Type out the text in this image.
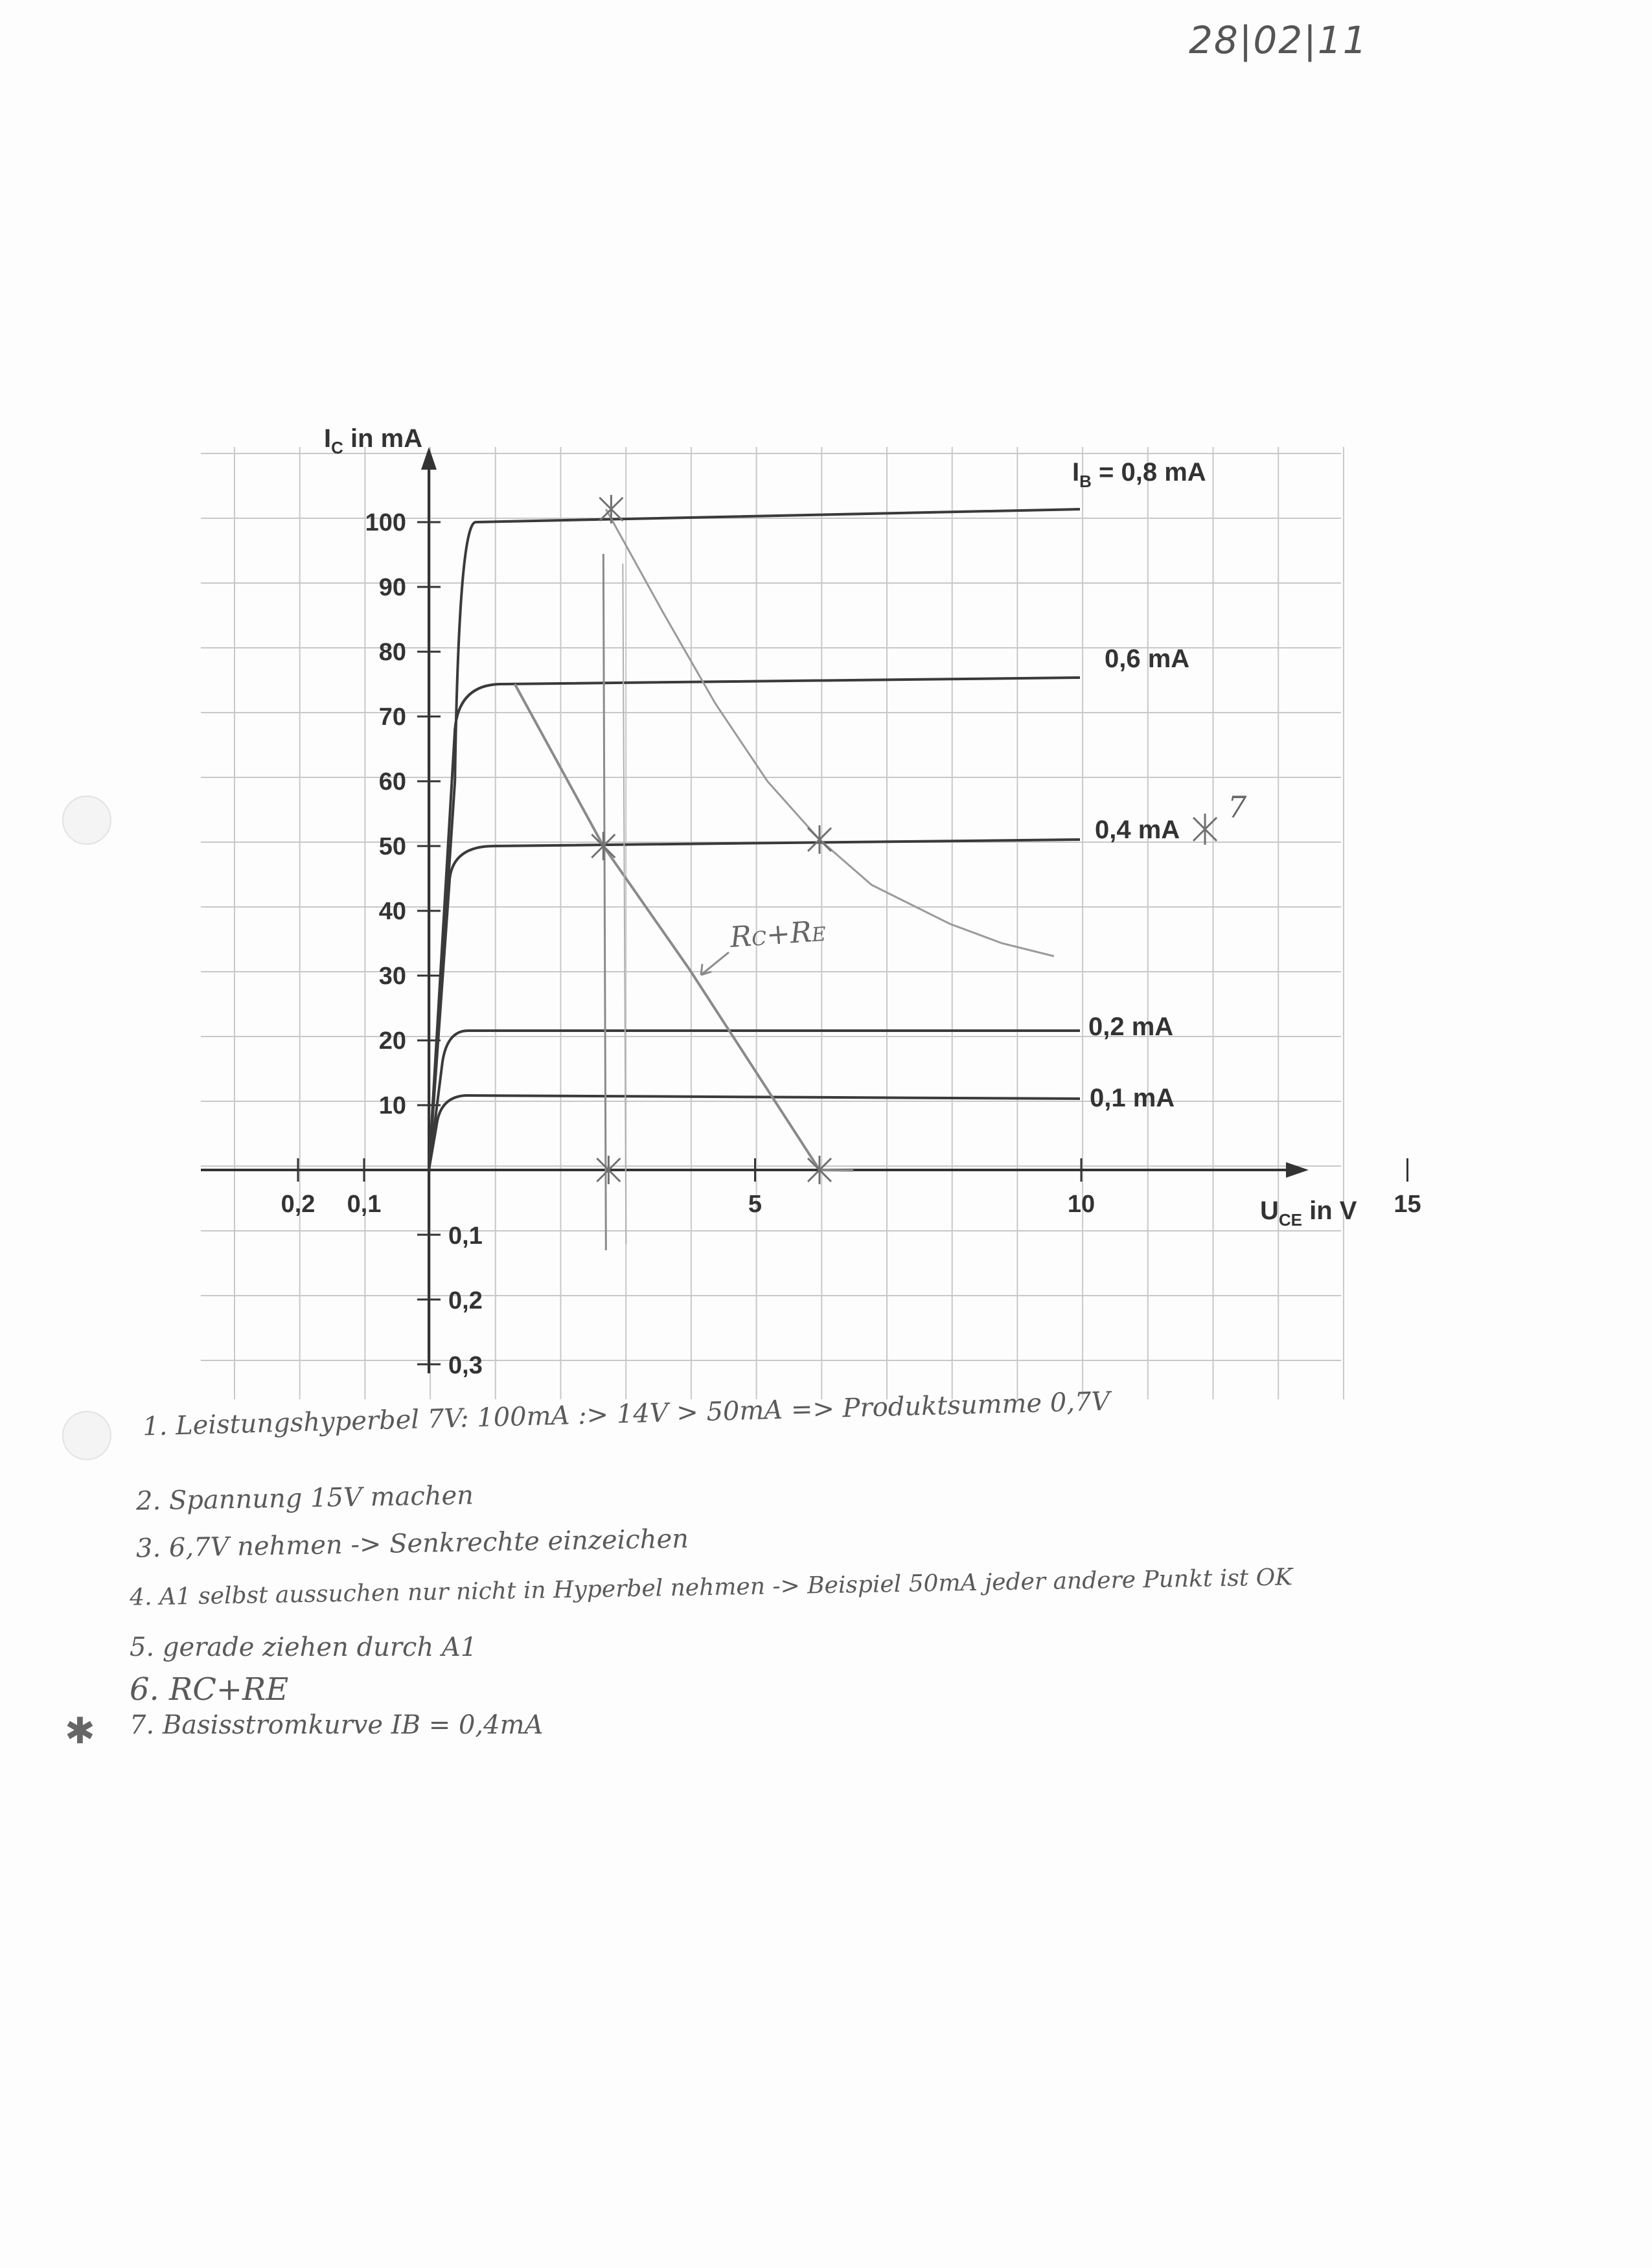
28|02|11
5	10	15
0,2 0,1
10
20
30
40
50
60
70
80
90
100
0,1
0,2
0,3
RC+RE
7
$I_C$ in mA
$U_{CE}$ in V
$I_B = 0,8$ mA
0,6 mA
0,4 mA
0,2 mA
0,1 mA
1. Leistungshyperbel 7V: 100mA :> 14V > 50mA => Produktsumme 0,7V
2. Spannung 15V machen
3. 6,7V nehmen -> Senkrechte einzeichen
4. A1 selbst aussuchen nur nicht in Hyperbel nehmen -> Beispiel 50mA jeder andere Punkt ist OK
5. gerade ziehen durch A1
6. RC+RE
7. Basisstromkurve IB = 0,4mA
✱
